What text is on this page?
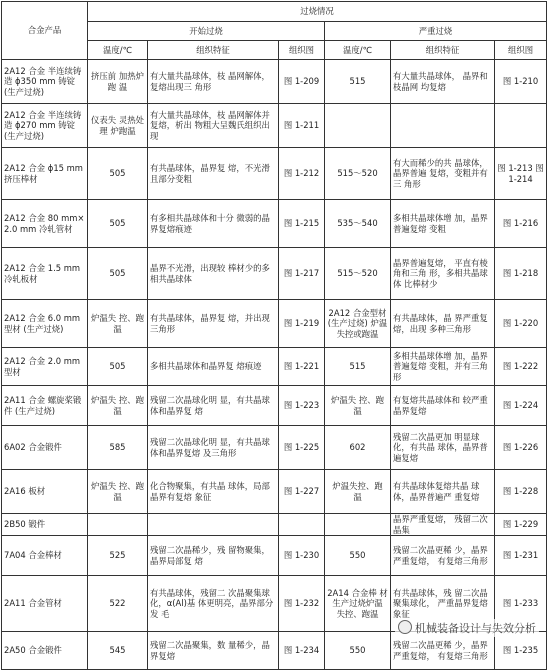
合金产品	过烧情况					
	开始过烧			严重过烧		
	温度/℃	组织特征	组织图	温度/℃	组织特征	组织图
2A12 合金 半连续铸造 ϕ350 mm 铸锭 (生产过烧)	挤压前 加热炉跑 温	有大量共晶球体，枝 晶网解体，复熔出现三 角形	图 1-209	515	有大量共晶球体， 晶界和枝晶网 均复熔	图 1-210
2A12 合金 半连续铸造 ϕ270 mm 铸锭 (生产过烧)	仪表失 灵热处理 炉跑温	有大量共晶球体，枝 晶网解体并复熔，析出 物粗大呈魏氏组织出现	图 1-211			
2A12 合金 ϕ15 mm 挤压棒材	505	有共晶球体，晶界复 熔，不光滑且部分变粗	图 1-212	515～520	有大而稀少的共 晶球体，晶界普遍 复熔，变粗并有三 角形	图 1-213 图 1-214
2A12 合金 80 mm×2.0 mm 冷轧管材	505	有多相共晶球体和十分 微弱的晶界复熔痕迹	图 1-215	535～540	多相共晶球体增 加，晶界普遍复熔 变粗	图 1-216
2A12 合金 1.5 mm 冷轧板材	505	晶界不光滑，出现较 棒材少的多相共晶球体	图 1-217	515～520	晶界普遍复熔， 平直有棱角和三角 形，多相共晶球体 比棒材少	图 1-218
2A12 合金 6.0 mm 型材 (生产过烧)	炉温失 控、跑温	有共晶球体，晶界复 熔，并出现三角形	图 1-219	2A12 合金型材 (生产过烧) 炉温失控或跑温	有共晶球体，晶 界严重复熔，出现 多种三角形	图 1-220
2A12 合金 2.0 mm 型材	505	多相共晶球体和晶界复 熔痕迹	图 1-221	515	多相共晶球体增 加，晶界普遍复熔 变粗，并有三角形	图 1-222
2A11 合金 螺旋桨锻件 (生产过烧)	炉温失 控、跑温	残留二次晶球化明 显，有共晶球体和晶界复 熔	图 1-223	炉温失 控、跑温	有复熔共晶球体和 较严重晶界复熔	图 1-224
6A02 合金锻件	585	残留二次晶球化明 显，有共晶球体和晶界复熔 及三角形	图 1-225	602	残留二次晶更加 明显球化，有共晶 球体，晶界普遍复熔	图 1-226
2A16 板材	炉温失 控、跑温	化合物聚集，有共晶 球体，局部晶界有复熔 象征	图 1-227	炉温失控、跑 温	有共晶球体复熔共晶 球体，晶界普遍严 重复熔	图 1-228
2B50 锻件					晶界严重复熔， 残留二次晶集	图 1-229
7A04 合金棒材	525	残留二次晶稀少，残 留物聚集，晶界局部复 熔	图 1-230	550	残留二次晶更稀 少，晶界严重复熔， 有复熔三角形	图 1-231
2A11 合金管材	522	有共晶球体，残留二 次晶聚集球化，α(Al)基 体更明亮，晶界部分发 毛	图 1-232	2A14 合金棒 材生产过烧炉温 失控、跑温	有共晶球体，残 留二次晶聚集球化， 严重晶界复熔象征	图 1-233
2A50 合金锻件	545	残留二次晶聚集，数 量稀少，晶界复熔	图 1-234	550	严重复熔， 有复熔三角形	
机械装备设计与失效分析
